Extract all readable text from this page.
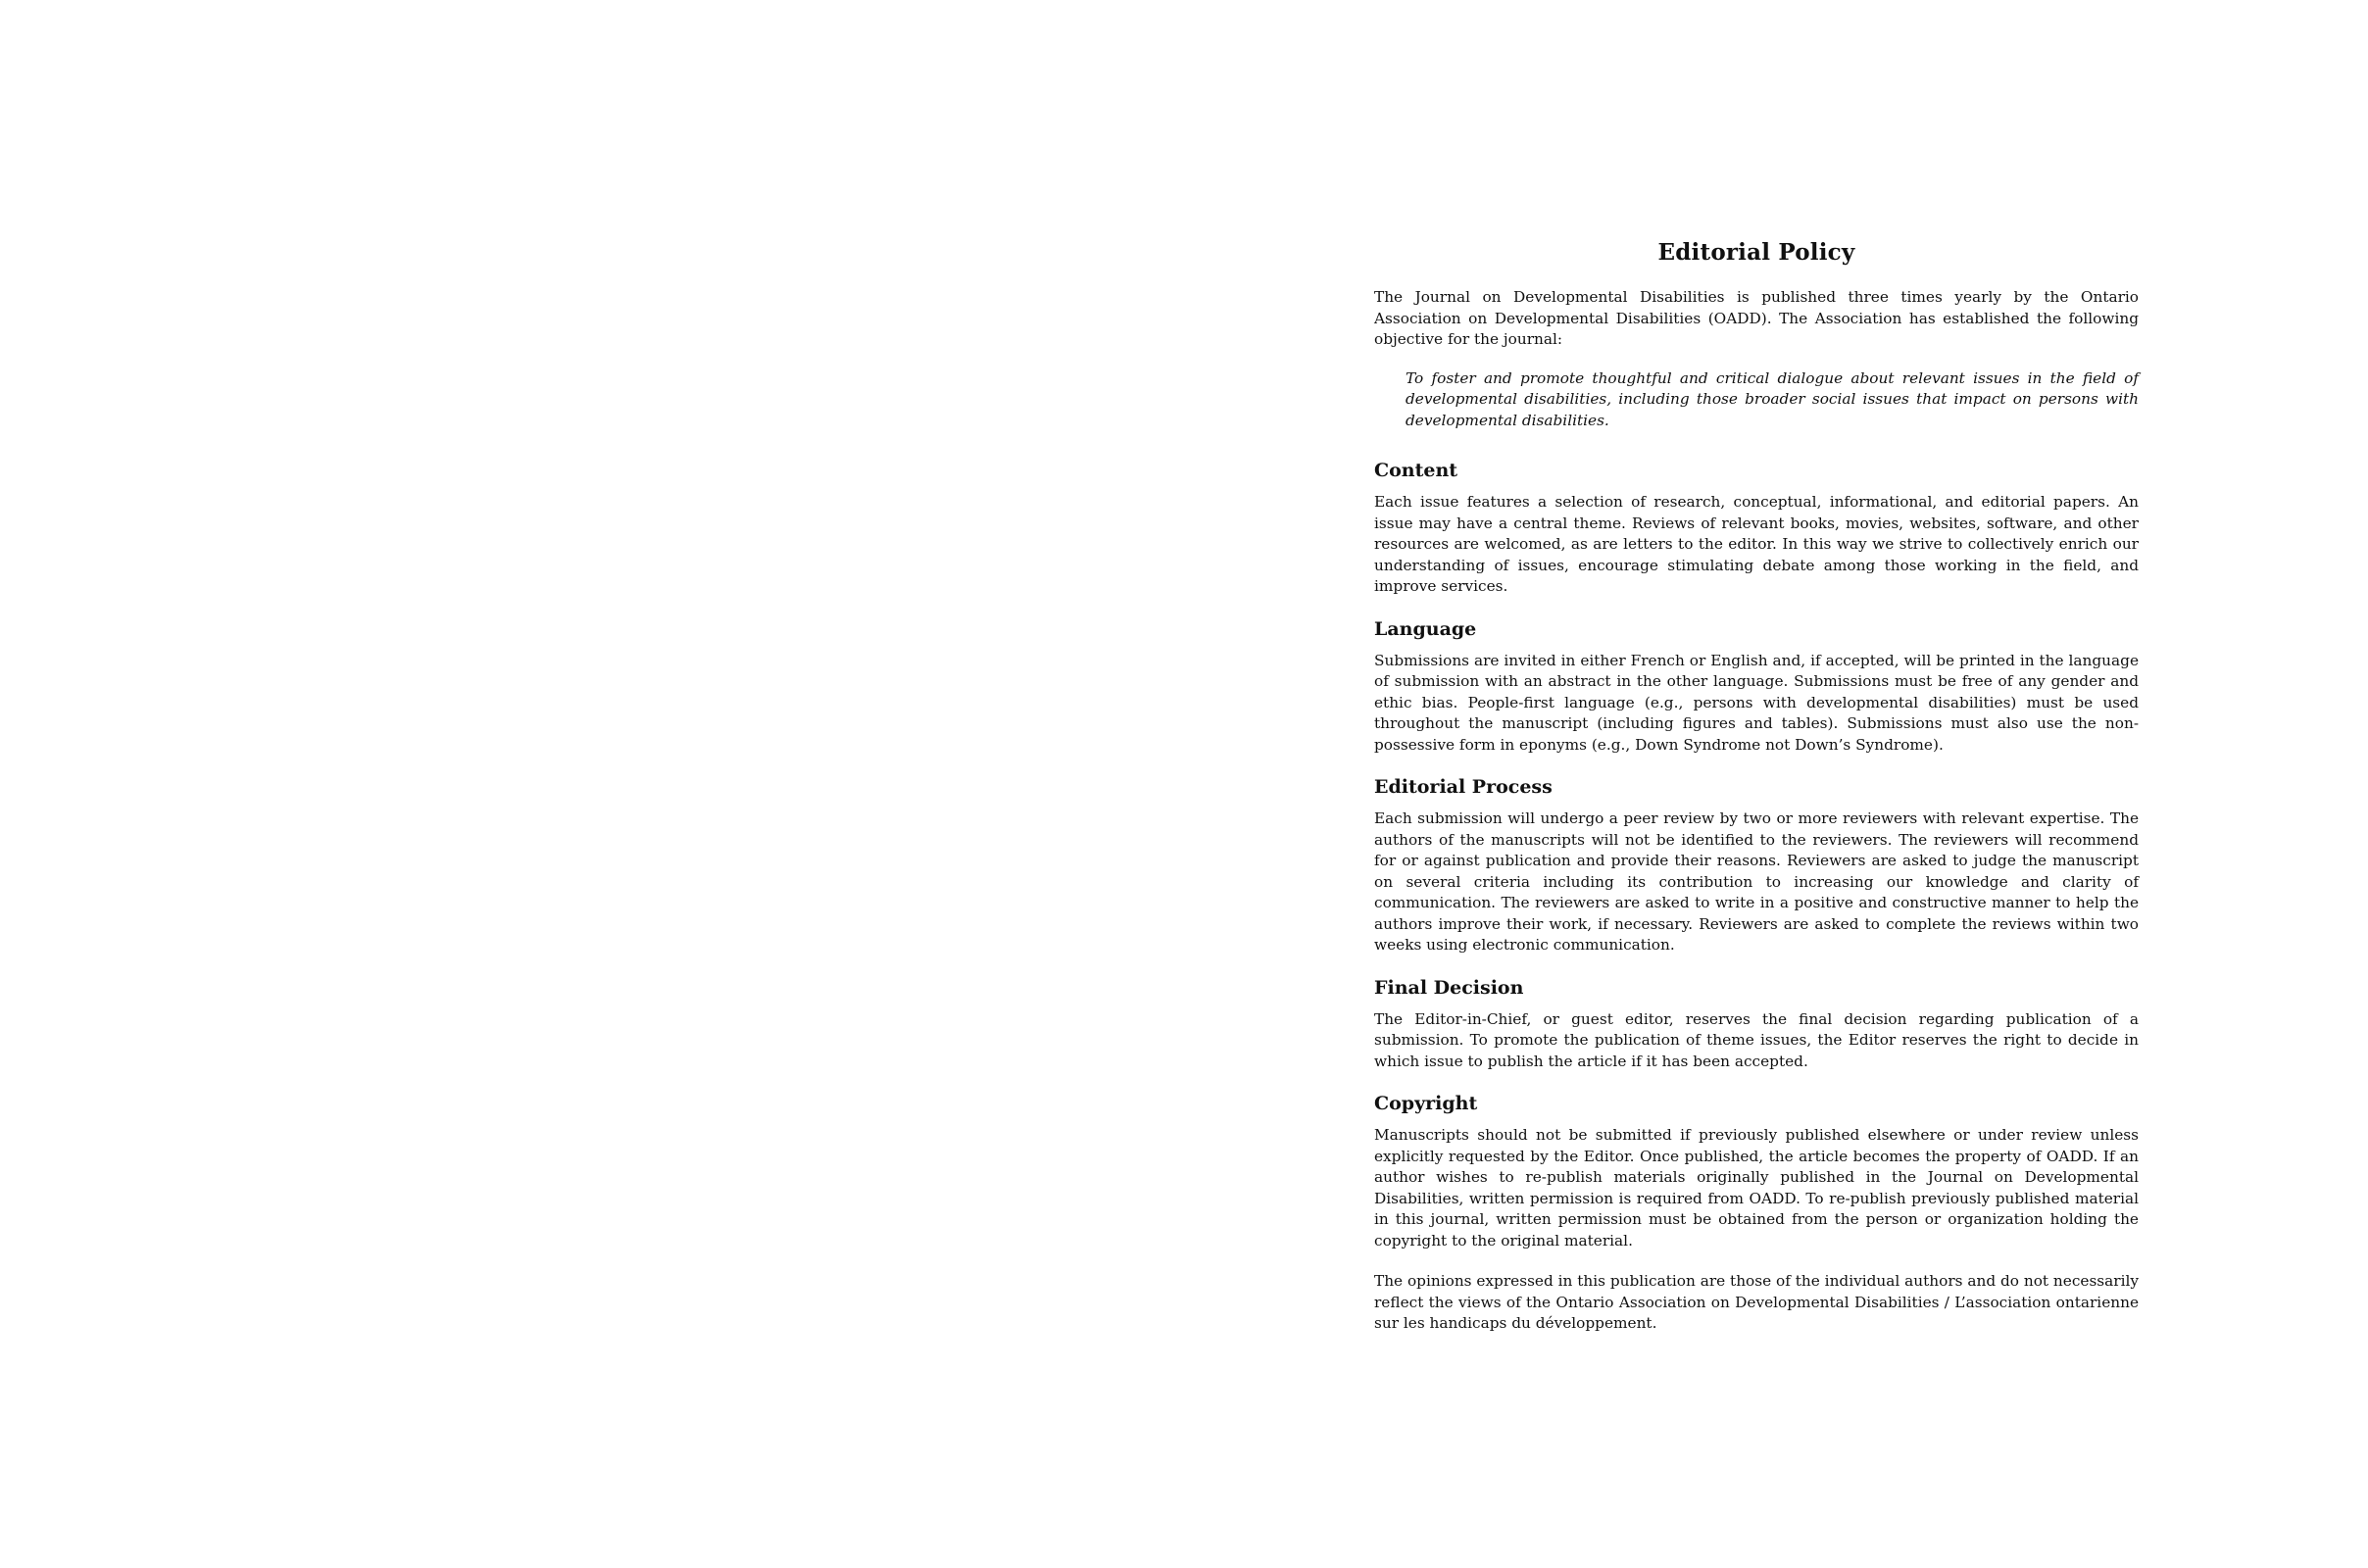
Editorial Policy

The Journal on Developmental Disabilities is published three times yearly by the Ontario Association on Developmental Disabilities (OADD). The Association has established the following objective for the journal:

To foster and promote thoughtful and critical dialogue about relevant issues in the field of developmental disabilities, including those broader social issues that impact on persons with developmental disabilities.

Content

Each issue features a selection of research, conceptual, informational, and editorial papers. An issue may have a central theme. Reviews of relevant books, movies, websites, software, and other resources are welcomed, as are letters to the editor. In this way we strive to collectively enrich our understanding of issues, encourage stimulating debate among those working in the field, and improve services.

Language

Submissions are invited in either French or English and, if accepted, will be printed in the language of submission with an abstract in the other language. Submissions must be free of any gender and ethic bias. People-first language (e.g., persons with developmental disabilities) must be used throughout the manuscript (including figures and tables). Submissions must also use the non-possessive form in eponyms (e.g., Down Syndrome not Down’s Syndrome).

Editorial Process

Each submission will undergo a peer review by two or more reviewers with relevant expertise. The authors of the manuscripts will not be identified to the reviewers. The reviewers will recommend for or against publication and provide their reasons. Reviewers are asked to judge the manuscript on several criteria including its contribution to increasing our knowledge and clarity of communication. The reviewers are asked to write in a positive and constructive manner to help the authors improve their work, if necessary. Reviewers are asked to complete the reviews within two weeks using electronic communication.

Final Decision

The Editor-in-Chief, or guest editor, reserves the final decision regarding publication of a submission. To promote the publication of theme issues, the Editor reserves the right to decide in which issue to publish the article if it has been accepted.

Copyright

Manuscripts should not be submitted if previously published elsewhere or under review unless explicitly requested by the Editor. Once published, the article becomes the property of OADD. If an author wishes to re-publish materials originally published in the Journal on Developmental Disabilities, written permission is required from OADD. To re-publish previously published material in this journal, written permission must be obtained from the person or organization holding the copyright to the original material.

The opinions expressed in this publication are those of the individual authors and do not necessarily reflect the views of the Ontario Association on Developmental Disabilities / L’association ontarienne sur les handicaps du développement.
